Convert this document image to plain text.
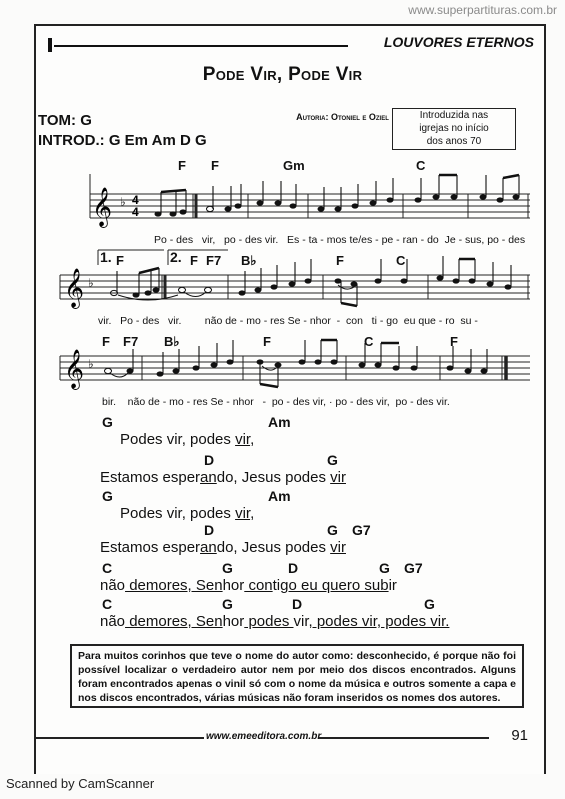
www.superpartituras.com.br
LOUVORES ETERNOS
Pode Vir, Pode Vir
Autoria: Otoniel e Oziel
TOM: G
INTROD.: G Em Am D G
Introduzida nas
igrejas no início
dos anos 70
𝄞 ♭ 4
4
F F	Gm	C
Po - des   vir,   po - des vir.   Es - ta - mos te/es - pe - ran - do  Je - sus, po - des
𝄞 ♭
1.	2.
F	F F7 B♭	F	C
vir.   Po - des   vir.        não de - mo - res Se - nhor  -  con   ti - go  eu que - ro  su -
𝄞 ♭
F F7 B♭	F	C	F
bir.    não de - mo - res Se - nhor   -  po - des vir, · po - des vir,  po - des vir.
G	Am
Podes vir, podes vir,
D	G
Estamos esperando, Jesus podes vir
G	Am
Podes vir, podes vir,
D	G G7
Estamos esperando, Jesus podes vir
C	G	D	G G7
não demores, Senhor contigo eu quero subir
C	G	D	G
não demores, Senhor podes vir, podes vir, podes vir.
Para muitos corinhos que teve o nome do autor como: desconhecido, é porque não foi possível localizar o verdadeiro autor nem por meio dos discos encontrados. Alguns foram encontrados apenas o vinil só com o nome da música e outros somente a capa e nos discos encontrados, várias músicas não foram inseridos os nomes dos autores.
www.emeeditora.com.br	91
Scanned by CamScanner
